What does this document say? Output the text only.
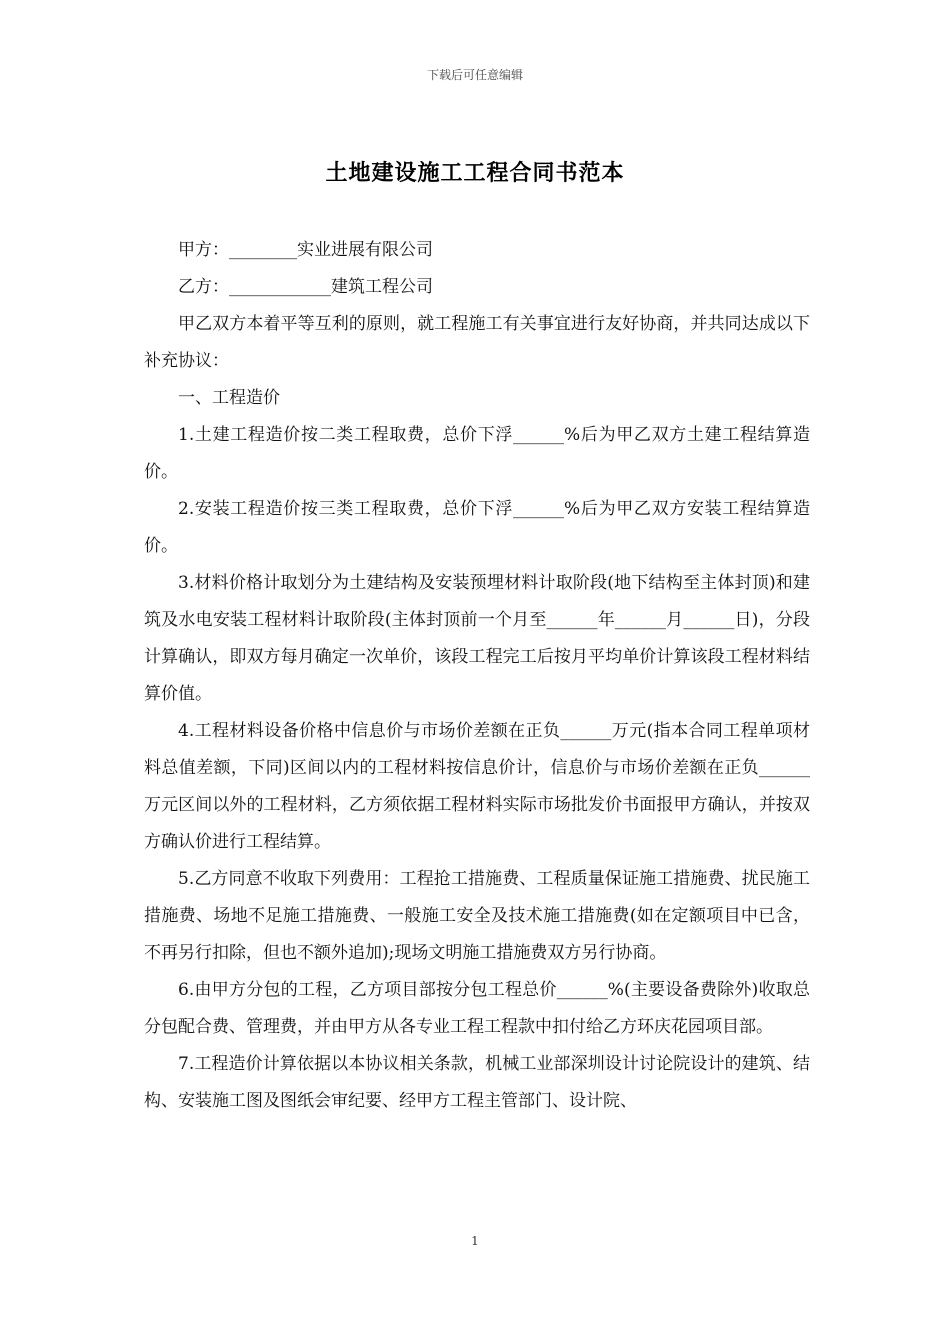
下载后可任意编辑
土地建设施工工程合同书范本

甲方：________实业进展有限公司

乙方：____________建筑工程公司

甲乙双方本着平等互利的原则，就工程施工有关事宜进行友好协商，并共同达成以下补充协议：

一、工程造价

1.土建工程造价按二类工程取费，总价下浮______%后为甲乙双方土建工程结算造价。

2.安装工程造价按三类工程取费，总价下浮______%后为甲乙双方安装工程结算造价。

3.材料价格计取划分为土建结构及安装预埋材料计取阶段(地下结构至主体封顶)和建筑及水电安装工程材料计取阶段(主体封顶前一个月至______年______月______日)，分段计算确认，即双方每月确定一次单价，该段工程完工后按月平均单价计算该段工程材料结算价值。

4.工程材料设备价格中信息价与市场价差额在正负______万元(指本合同工程单项材料总值差额，下同)区间以内的工程材料按信息价计，信息价与市场价差额在正负______万元区间以外的工程材料，乙方须依据工程材料实际市场批发价书面报甲方确认，并按双方确认价进行工程结算。

5.乙方同意不收取下列费用：工程抢工措施费、工程质量保证施工措施费、扰民施工措施费、场地不足施工措施费、一般施工安全及技术施工措施费(如在定额项目中已含，不再另行扣除，但也不额外追加);现场文明施工措施费双方另行协商。

6.由甲方分包的工程，乙方项目部按分包工程总价______%(主要设备费除外)收取总分包配合费、管理费，并由甲方从各专业工程工程款中扣付给乙方环庆花园项目部。

7.工程造价计算依据以本协议相关条款，机械工业部深圳设计讨论院设计的建筑、结构、安装施工图及图纸会审纪要、经甲方工程主管部门、设计院、

1
